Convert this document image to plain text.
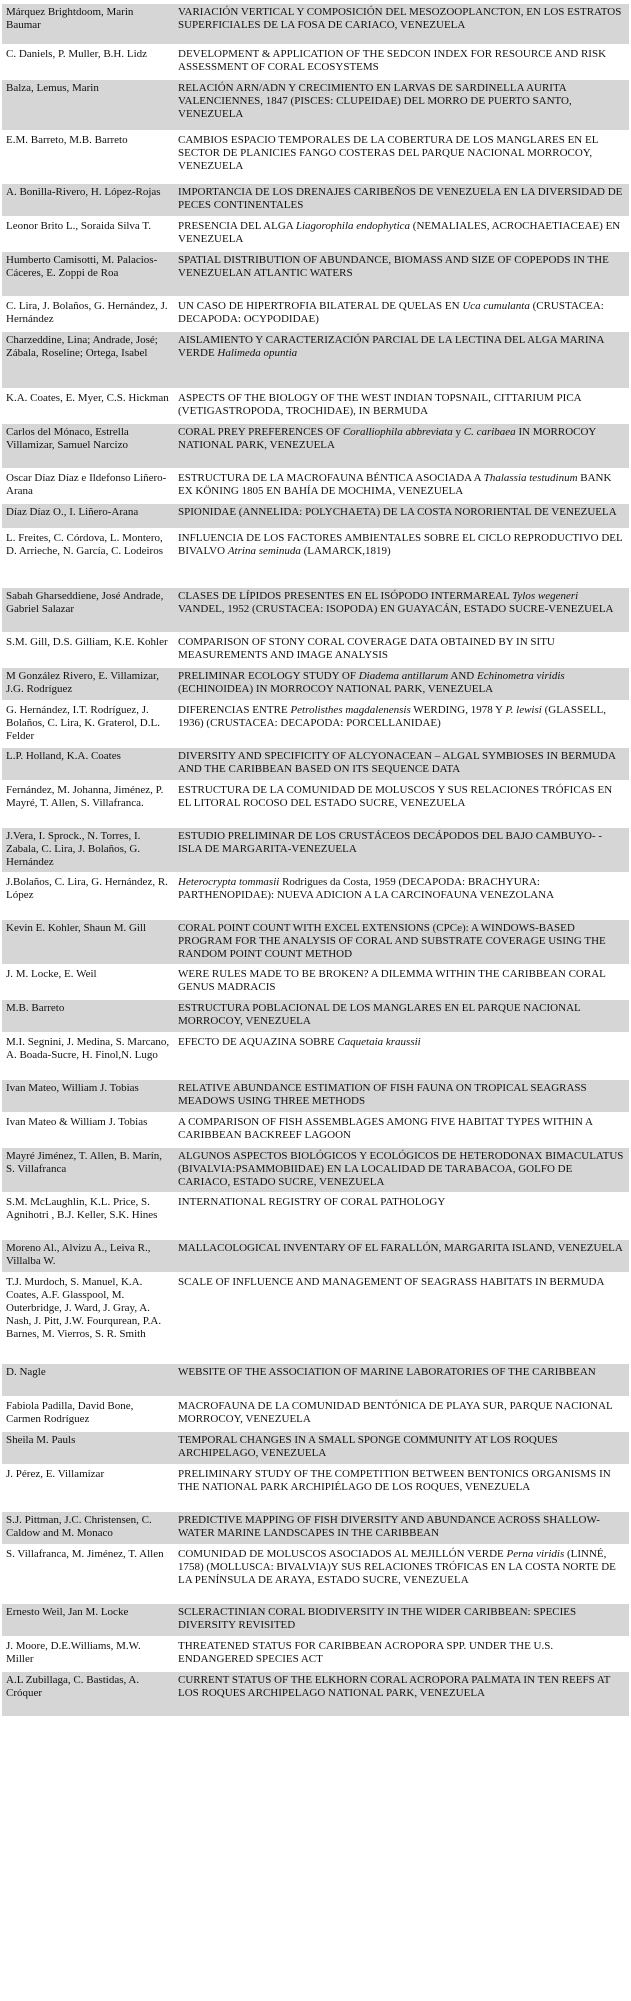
Márquez Brightdoom, Marin Baumar	VARIACIÓN VERTICAL Y COMPOSICIÓN DEL MESOZOOPLANCTON, EN LOS ESTRATOS SUPERFICIALES DE LA FOSA DE CARIACO, VENEZUELA
C. Daniels, P. Muller, B.H. Lidz	DEVELOPMENT & APPLICATION OF THE SEDCON INDEX FOR RESOURCE AND RISK ASSESSMENT OF CORAL ECOSYSTEMS
Balza, Lemus, Marin	RELACIÓN ARN/ADN Y CRECIMIENTO EN LARVAS DE SARDINELLA AURITA VALENCIENNES, 1847 (PISCES: CLUPEIDAE) DEL MORRO DE PUERTO SANTO, VENEZUELA
E.M. Barreto, M.B. Barreto	CAMBIOS ESPACIO TEMPORALES DE LA COBERTURA DE LOS MANGLARES EN EL SECTOR DE PLANICIES FANGO COSTERAS DEL PARQUE NACIONAL MORROCOY, VENEZUELA
A. Bonilla-Rivero, H. López-Rojas	IMPORTANCIA DE LOS DRENAJES CARIBEÑOS DE VENEZUELA EN LA DIVERSIDAD DE PECES CONTINENTALES
Leonor Brito L., Soraida Silva T.	PRESENCIA DEL ALGA Liagorophila endophytica (NEMALIALES, ACROCHAETIACEAE) EN VENEZUELA
Humberto Camisotti, M. Palacios-Cáceres, E. Zoppi de Roa	SPATIAL DISTRIBUTION OF ABUNDANCE, BIOMASS AND SIZE OF COPEPODS IN THE VENEZUELAN ATLANTIC WATERS
C. Lira, J. Bolaños, G. Hernández, J. Hernández	UN CASO DE HIPERTROFIA BILATERAL DE QUELAS EN Uca cumulanta (CRUSTACEA: DECAPODA: OCYPODIDAE)
Charzeddine, Lina; Andrade, José; Zábala, Roseline; Ortega, Isabel	AISLAMIENTO Y CARACTERIZACIÓN PARCIAL DE LA LECTINA DEL ALGA MARINA VERDE Halimeda opuntia
K.A. Coates, E. Myer, C.S. Hickman	ASPECTS OF THE BIOLOGY OF THE WEST INDIAN TOPSNAIL, CITTARIUM PICA (VETIGASTROPODA, TROCHIDAE), IN BERMUDA
Carlos del Mónaco, Estrella Villamizar, Samuel Narcizo	CORAL PREY PREFERENCES OF Coralliophila abbreviata y C. caribaea IN MORROCOY NATIONAL PARK, VENEZUELA
Oscar Díaz Díaz e Ildefonso Liñero-Arana	ESTRUCTURA DE LA MACROFAUNA BÉNTICA ASOCIADA A Thalassia testudinum BANK EX KÖNING 1805 EN BAHÍA DE MOCHIMA, VENEZUELA
Díaz Díaz O., I. Liñero-Arana	SPIONIDAE (ANNELIDA: POLYCHAETA) DE LA COSTA NORORIENTAL DE VENEZUELA
L. Freites, C. Córdova, L. Montero, D. Arrieche, N. García, C. Lodeiros	INFLUENCIA DE LOS FACTORES AMBIENTALES SOBRE EL CICLO REPRODUCTIVO DEL BIVALVO Atrina seminuda (LAMARCK,1819)
Sabah Gharseddiene, José Andrade, Gabriel Salazar	CLASES DE LÍPIDOS PRESENTES EN EL ISÓPODO INTERMAREAL Tylos wegeneri VANDEL, 1952 (CRUSTACEA: ISOPODA) EN GUAYACÁN, ESTADO SUCRE-VENEZUELA
S.M. Gill, D.S. Gilliam, K.E. Kohler	COMPARISON OF STONY CORAL COVERAGE DATA OBTAINED BY IN SITU MEASUREMENTS AND IMAGE ANALYSIS
M González Rivero, E. Villamizar, J.G. Rodríguez	PRELIMINAR ECOLOGY STUDY OF Diadema antillarum AND Echinometra viridis (ECHINOIDEA) IN MORROCOY NATIONAL PARK, VENEZUELA
G. Hernández, I.T. Rodríguez, J. Bolaños, C. Lira, K. Graterol, D.L. Felder	DIFERENCIAS ENTRE Petrolisthes magdalenensis WERDING, 1978 Y P. lewisi (GLASSELL, 1936) (CRUSTACEA: DECAPODA: PORCELLANIDAE)
L.P. Holland, K.A. Coates	DIVERSITY AND SPECIFICITY OF ALCYONACEAN – ALGAL SYMBIOSES IN BERMUDA AND THE CARIBBEAN BASED ON ITS SEQUENCE DATA
Fernández, M. Johanna, Jiménez, P. Mayré, T. Allen, S. Villafranca.	ESTRUCTURA DE LA COMUNIDAD DE MOLUSCOS Y SUS RELACIONES TRÓFICAS EN EL LITORAL ROCOSO DEL ESTADO SUCRE, VENEZUELA
J.Vera, I. Sprock., N. Torres, I. Zabala, C. Lira, J. Bolaños, G. Hernández	ESTUDIO PRELIMINAR DE LOS CRUSTÁCEOS DECÁPODOS DEL BAJO CAMBUYO- -ISLA DE MARGARITA-VENEZUELA
J.Bolaños, C. Lira, G. Hernández, R. López	Heterocrypta tommasii Rodrigues da Costa, 1959 (DECAPODA: BRACHYURA: PARTHENOPIDAE): NUEVA ADICION A LA CARCINOFAUNA VENEZOLANA
Kevin E. Kohler, Shaun M. Gill	CORAL POINT COUNT WITH EXCEL EXTENSIONS (CPCe): A WINDOWS-BASED PROGRAM FOR THE ANALYSIS OF CORAL AND SUBSTRATE COVERAGE USING THE RANDOM POINT COUNT METHOD
J. M. Locke, E. Weil	WERE RULES MADE TO BE BROKEN? A DILEMMA WITHIN THE CARIBBEAN CORAL GENUS MADRACIS
M.B. Barreto	ESTRUCTURA POBLACIONAL DE LOS MANGLARES EN EL PARQUE NACIONAL MORROCOY, VENEZUELA
M.I. Segnini, J. Medina, S. Marcano, A. Boada-Sucre, H. Finol,N. Lugo	EFECTO DE AQUAZINA SOBRE Caquetaia kraussii
Ivan Mateo, William J. Tobias	RELATIVE ABUNDANCE ESTIMATION OF FISH FAUNA ON TROPICAL SEAGRASS MEADOWS USING THREE METHODS
Ivan Mateo & William J. Tobias	A COMPARISON OF FISH ASSEMBLAGES AMONG FIVE HABITAT TYPES WITHIN A CARIBBEAN BACKREEF LAGOON
Mayré Jiménez, T. Allen, B. Marín, S. Villafranca	ALGUNOS ASPECTOS BIOLÓGICOS Y ECOLÓGICOS DE HETERODONAX BIMACULATUS (BIVALVIA:PSAMMOBIIDAE) EN LA LOCALIDAD DE TARABACOA, GOLFO DE CARIACO, ESTADO SUCRE, VENEZUELA
S.M. McLaughlin, K.L. Price, S. Agnihotri , B.J. Keller, S.K. Hines	INTERNATIONAL REGISTRY OF CORAL PATHOLOGY
Moreno Al., Alvizu A., Leiva R., Villalba W.	MALLACOLOGICAL INVENTARY OF EL FARALLÓN, MARGARITA ISLAND, VENEZUELA
T.J. Murdoch, S. Manuel, K.A. Coates, A.F. Glasspool, M. Outerbridge, J. Ward, J. Gray, A. Nash, J. Pitt, J.W. Fourqurean, P.A. Barnes, M. Vierros, S. R. Smith	SCALE OF INFLUENCE AND MANAGEMENT OF SEAGRASS HABITATS IN BERMUDA
D. Nagle	WEBSITE OF THE ASSOCIATION OF MARINE LABORATORIES OF THE CARIBBEAN
Fabiola Padilla, David Bone, Carmen Rodríguez	MACROFAUNA DE LA COMUNIDAD BENTÓNICA DE PLAYA SUR, PARQUE NACIONAL MORROCOY, VENEZUELA
Sheila M. Pauls	TEMPORAL CHANGES IN A SMALL SPONGE COMMUNITY AT LOS ROQUES ARCHIPELAGO, VENEZUELA
J. Pérez, E. Villamizar	PRELIMINARY STUDY OF THE COMPETITION BETWEEN BENTONICS ORGANISMS IN THE NATIONAL PARK ARCHIPIÉLAGO DE LOS ROQUES, VENEZUELA
S.J. Pittman, J.C. Christensen, C. Caldow and M. Monaco	PREDICTIVE MAPPING OF FISH DIVERSITY AND ABUNDANCE ACROSS SHALLOW-WATER MARINE LANDSCAPES IN THE CARIBBEAN
S. Villafranca, M. Jiménez, T. Allen	COMUNIDAD DE MOLUSCOS ASOCIADOS AL MEJILLÓN VERDE Perna viridis (LINNÉ, 1758) (MOLLUSCA: BIVALVIA)Y SUS RELACIONES TRÓFICAS EN LA COSTA NORTE DE LA PENÍNSULA DE ARAYA, ESTADO SUCRE, VENEZUELA
Ernesto Weil, Jan M. Locke	SCLERACTINIAN CORAL BIODIVERSITY IN THE WIDER CARIBBEAN: SPECIES DIVERSITY REVISITED
J. Moore, D.E.Williams, M.W. Miller	THREATENED STATUS FOR CARIBBEAN ACROPORA SPP. UNDER THE U.S. ENDANGERED SPECIES ACT
A.L Zubillaga, C. Bastidas, A. Cróquer	CURRENT STATUS OF THE ELKHORN CORAL ACROPORA PALMATA IN TEN REEFS AT LOS ROQUES ARCHIPELAGO NATIONAL PARK, VENEZUELA
